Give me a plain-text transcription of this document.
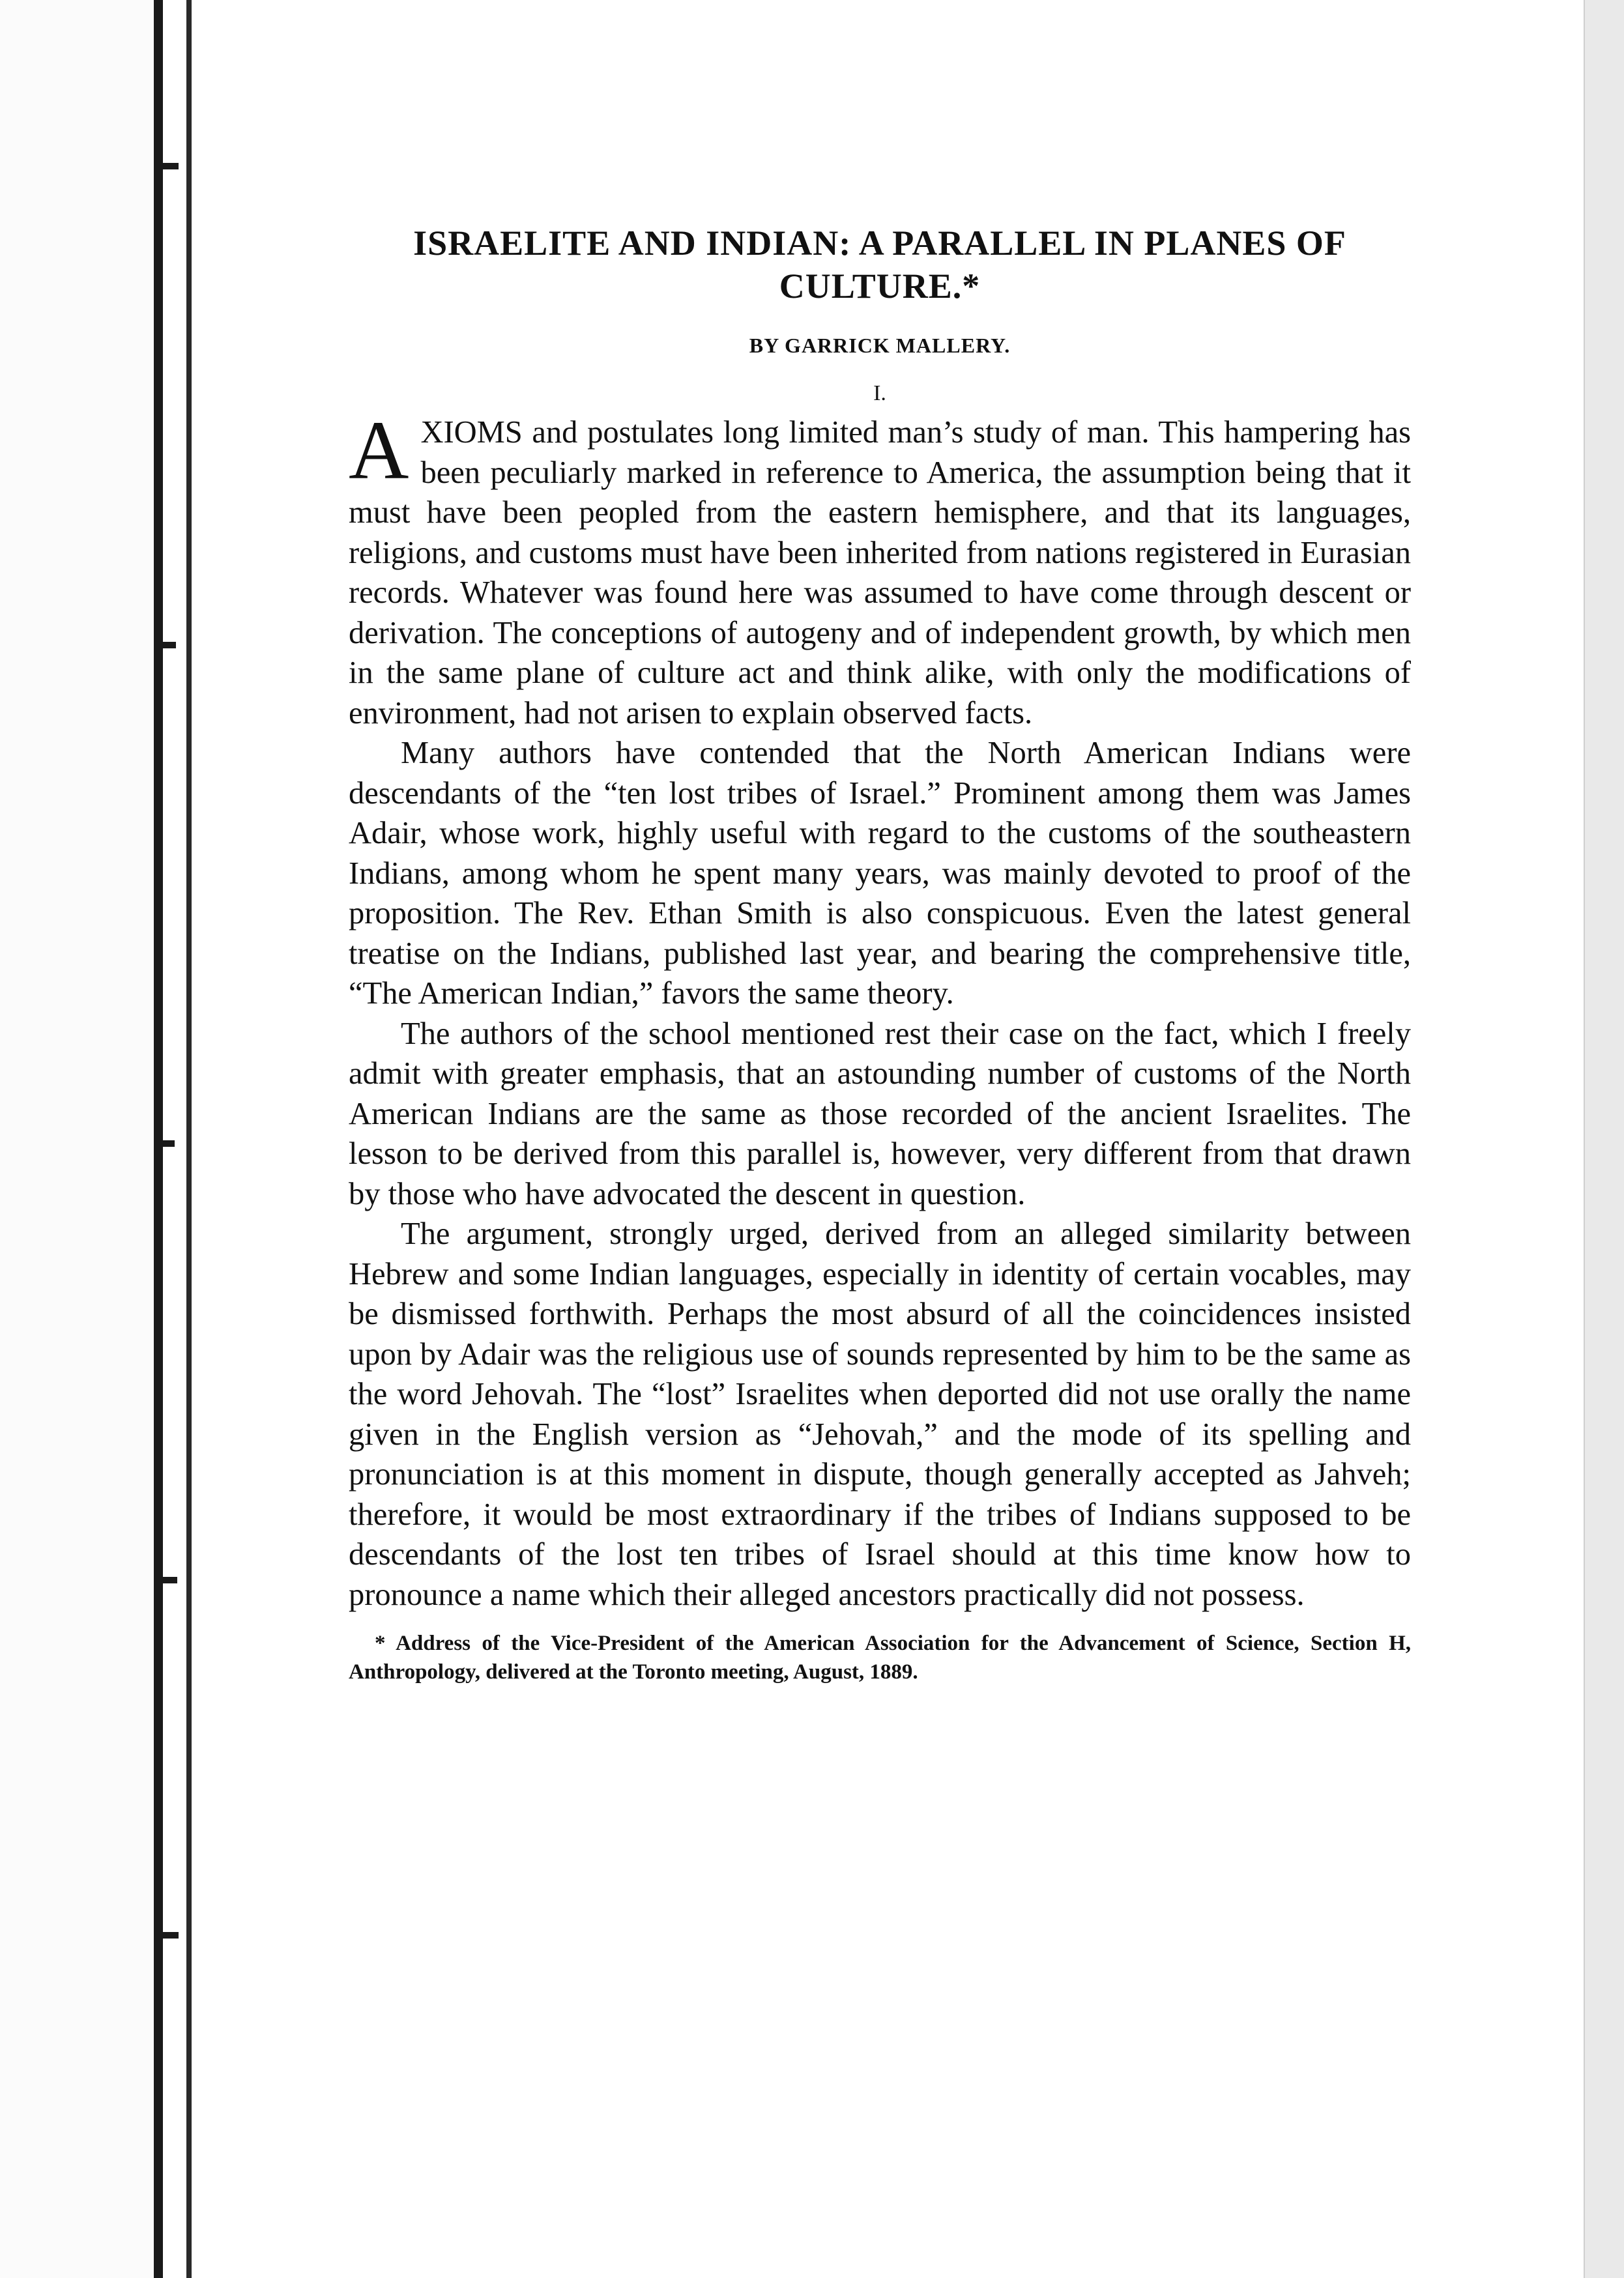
ISRAELITE AND INDIAN: A PARALLEL IN PLANES OF CULTURE.*
BY GARRICK MALLERY.
I.

AXIOMS and postulates long limited man’s study of man. This hampering has been peculiarly marked in reference to America, the assumption being that it must have been peopled from the eastern hemisphere, and that its languages, religions, and customs must have been inherited from nations registered in Eurasian records. Whatever was found here was assumed to have come through descent or derivation. The conceptions of autogeny and of independent growth, by which men in the same plane of culture act and think alike, with only the modifications of environment, had not arisen to explain observed facts.

Many authors have contended that the North American Indians were descendants of the “ten lost tribes of Israel.” Prominent among them was James Adair, whose work, highly useful with regard to the customs of the southeastern Indians, among whom he spent many years, was mainly devoted to proof of the proposition. The Rev. Ethan Smith is also conspicuous. Even the latest general treatise on the Indians, published last year, and bearing the comprehensive title, “The American Indian,” favors the same theory.

The authors of the school mentioned rest their case on the fact, which I freely admit with greater emphasis, that an astounding number of customs of the North American Indians are the same as those recorded of the ancient Israelites. The lesson to be derived from this parallel is, however, very different from that drawn by those who have advocated the descent in question.

The argument, strongly urged, derived from an alleged similarity between Hebrew and some Indian languages, especially in identity of certain vocables, may be dismissed forthwith. Perhaps the most absurd of all the coincidences insisted upon by Adair was the religious use of sounds represented by him to be the same as the word Jehovah. The “lost” Israelites when deported did not use orally the name given in the English version as “Jehovah,” and the mode of its spelling and pronunciation is at this moment in dispute, though generally accepted as Jahveh; therefore, it would be most extraordinary if the tribes of Indians supposed to be descendants of the lost ten tribes of Israel should at this time know how to pronounce a name which their alleged ancestors practically did not possess.

* Address of the Vice-President of the American Association for the Advancement of Science, Section H, Anthropology, delivered at the Toronto meeting, August, 1889.
